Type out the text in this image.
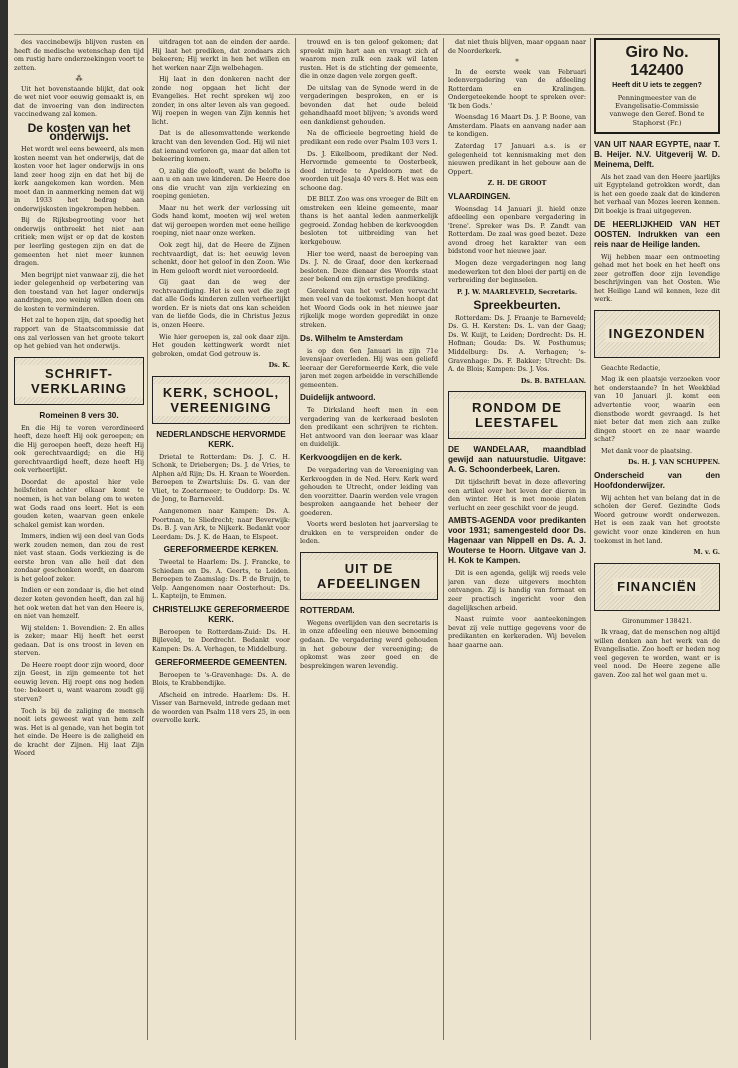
des vaccinebewijs blijven rusten en heeft de medische wetenschap den tijd om rustig hare onderzoekingen voort te zetten.

⁂

Uit het bovenstaande blijkt, dat ook de wet niet voor eeuwig gemaakt is, en dat de invoering van den indirecten vaccinedwang zal komen.

De kosten van het onderwijs.

Het wordt wel eens beweerd, als men kosten neemt van het onderwijs, dat de kosten voor het lager onderwijs in ons land zeer hoog zijn en dat het bij de kerk aangekomen kan worden. Men moet dan in aanmerking nemen dat wij in 1933 het bedrag aan onderwijskosten ingekrompen hebben.

Bij de Rijksbegrooting voor het onderwijs ontbreekt het niet aan critiek; men wijst er op dat de kosten per leerling gestegen zijn en dat de gemeenten het niet meer kunnen dragen.

Men begrijpt niet vanwaar zij, die het ieder gelegenheid op verbetering van den toestand van het lager onderwijs aandringen, zoo weinig willen doen om de kosten te verminderen.

Het zal te hopen zijn, dat spoedig het rapport van de Staatscommissie dat ons zal verlossen van het groote tekort op het gebied van het onderwijs.

SCHRIFT-VERKLARING
Romeinen 8 vers 30.

En die Hij te voren verordineerd heeft, deze heeft Hij ook geroepen; en die Hij geroepen heeft, deze heeft Hij ook gerechtvaardigd; en die Hij gerechtvaardigd heeft, deze heeft Hij ook verheerlijkt.

Doordat de apostel hier vele heilsfeiten achter elkaar komt te noemen, is het van belang om te weten wat Gods raad ons leert. Het is een gouden keten, waarvan geen enkele schakel gemist kan worden.

Immers, indien wij een deel van Gods werk zouden nemen, dan zou de rest niet vast staan. Gods verkiezing is de eerste bron van alle heil dat den zondaar geschonken wordt, en daarom is het geloof zeker.

Indien er een zondaar is, die het eind dezer keten gevonden heeft, dan zal hij het ook weten dat het van den Heere is, en niet van hemzelf.

Wij stelden: 1. Bovendien: 2. En alles is zeker; maar Hij heeft het eerst gedaan. Dat is ons troost in leven en sterven.

De Heere roept door zijn woord, door zijn Geest, in zijn gemeente tot het eeuwig leven. Hij roept ons nog heden toe: bekeert u, want waarom zoudt gij sterven?

Toch is bij de zaliging de mensch nooit iets geweest wat van hem zelf was. Het is al genade, van het begin tot het einde. De Heere is de zaligheid en de kracht der Zijnen. Hij laat Zijn Woord

uitdragen tot aan de einden der aarde. Hij laat het prediken, dat zondaars zich bekeeren; Hij werkt in hen het willen en het werken naar Zijn welbehagen.

Hij laat in den donkeren nacht der zonde nog opgaan het licht der Evangelies. Het recht spreken wij zoo zonder, in ons alter leven als van gegoed. Wij roepen in wegen van Zijn kennis het licht.

Dat is de allesomvattende werkende kracht van den levenden God. Hij wil niet dat iemand verloren ga, maar dat allen tot bekeering komen.

O, zalig die gelooft, want de belofte is aan u en aan uwe kinderen. De Heere doe ons die vrucht van zijn verkiezing en roeping genieten.

Maar nu het werk der verlossing uit Gods hand komt, moeten wij wel weten dat wij geroepen worden met eene heilige roeping, niet naar onze werken.

Ook zegt hij, dat de Heere de Zijnen rechtvaardigt, dat is: het eeuwig leven schenkt, door het geloof in den Zoon. Wie in Hem gelooft wordt niet veroordeeld.

Gij gaat dan de weg der rechtvaardiging. Het is een wet die zegt dat alle Gods kinderen zullen verheerlijkt worden. Er is niets dat ons kan scheiden van de liefde Gods, die in Christus Jezus is, onzen Heere.

Wie hier geroepen is, zal ook daar zijn. Het gouden kettingwerk wordt niet gebroken, omdat God getrouw is.

Ds. K.

KERK, SCHOOL, VEREENIGING
NEDERLANDSCHE HERVORMDE KERK.

Drietal te Rotterdam: Ds. J. C. H. Schonk, te Driebergen; Ds. J. de Vries, te Alphen a/d Rijn; Ds. H. Kraan te Woerden. Beroepen te Zwartsluis: Ds. G. van der Vliet, te Zoetermeer; te Ouddorp: Ds. W. de Jong, te Barneveld.

Aangenomen naar Kampen: Ds. A. Poortman, te Sliedrecht; naar Beverwijk: Ds. B. J. van Ark, te Nijkerk. Bedankt voor Leerdam: Ds. J. K. de Haan, te Elspeet.

GEREFORMEERDE KERKEN.

Tweetal te Haarlem: Ds. J. Francke, te Schiedam en Ds. A. Geerts, te Leiden. Beroepen te Zaamslag: Ds. P. de Bruijn, te Velp. Aangenomen naar Oosterhout: Ds. L. Kapteijn, te Emmen.

CHRISTELIJKE GEREFORMEERDE KERK.

Beroepen te Rotterdam-Zuid: Ds. H. Bijleveld, te Dordrecht. Bedankt voor Kampen: Ds. A. Verhagen, te Middelburg.

GEREFORMEERDE GEMEENTEN.

Beroepen te 's-Gravenhage: Ds. A. de Blois, te Krabbendijke.

Afscheid en intrede. Haarlem: Ds. H. Visser van Barneveld, intrede gedaan met de woorden van Psalm 118 vers 25, in een overvolle kerk.

trouwd en is ten geloof gekomen; dat spreekt mijn hart aan en vraagt zich af waarom men zulk een zaak wil laten rusten. Het is de stichting der gemeente, die in onze dagen vele zorgen geeft.

De uitslag van de Synode werd in de vergaderingen besproken, en er is bevonden dat het oude beleid gehandhaafd moet blijven; 's avonds werd een dankdienst gehouden.

Na de officieele begroeting hield de predikant een rede over Psalm 103 vers 1.

Ds. J. Eikelboom, predikant der Ned. Hervormde gemeente te Oosterbeek, deed intrede te Apeldoorn met de woorden uit Jesaja 40 vers 8. Het was een schoone dag.

DE BILT. Zoo was ons vroeger de Bilt en omstreken een kleine gemeente, maar thans is het aantal leden aanmerkelijk gegroeid. Zondag hebben de kerkvoogden besloten tot uitbreiding van het kerkgebouw.

Hier toe werd, naast de beroeping van Ds. J. N. de Graaf, door den kerkeraad besloten. Deze dienaar des Woords staat zeer bekend om zijn ernstige prediking.

Gerekend van het verleden verwacht men veel van de toekomst. Men hoopt dat het Woord Gods ook in het nieuwe jaar rijkelijk moge worden gepredikt in onze streken.

Ds. Wilhelm te Amsterdam

is op den 6en Januari in zijn 71e levensjaar overleden. Hij was een geliefd leeraar der Gereformeerde Kerk, die vele jaren met zegen arbeidde in verschillende gemeenten.

Duidelijk antwoord.

Te Dirksland heeft men in een vergadering van de kerkeraad besloten den predikant een schrijven te richten. Het antwoord van den leeraar was klaar en duidelijk.

Kerkvoogdijen en de kerk.

De vergadering van de Vereeniging van Kerkvoogden in de Ned. Herv. Kerk werd gehouden te Utrecht, onder leiding van den voorzitter. Daarin werden vele vragen besproken aangaande het beheer der goederen.

Voorts werd besloten het jaarverslag te drukken en te verspreiden onder de leden.

UIT DE AFDEELINGEN
ROTTERDAM.

Wegens overlijden van den secretaris is in onze afdeeling een nieuwe benoeming gedaan. De vergadering werd gehouden in het gebouw der vereeniging; de opkomst was zeer goed en de besprekingen waren levendig.

dat niet thuis blijven, maar opgaan naar de Noorderkerk.

*

In de eerste week van Februari ledenvergadering van de afdeeling Rotterdam en Kralingen. Ondergeteekende hoopt te spreken over: 'Ik ben Gods.'

Woensdag 16 Maart Ds. J. P. Boone, van Amsterdam. Plaats en aanvang nader aan te kondigen.

Zaterdag 17 Januari a.s. is er gelegenheid tot kennismaking met den nieuwen predikant in het gebouw aan de Oppert.

Z. H. DE GROOT

VLAARDINGEN.

Woensdag 14 Januari jl. hield onze afdeeling een openbare vergadering in 'Irene'. Spreker was Ds. P. Zandt van Rotterdam. De zaal was goed bezet. Deze avond droeg het karakter van een bidstond voor het nieuwe jaar.

Mogen deze vergaderingen nog lang medewerken tot den bloei der partij en de verbreiding der beginselen.

P. J. W. MAARLEVELD, Secretaris.

Spreekbeurten.

Rotterdam: Ds. J. Fraanje te Barneveld; Ds. G. H. Kersten: Ds. L. van der Gaag; Ds. W. Kuijt, te Leiden; Dordrecht: Ds. H. Hofman; Gouda: Ds. W. Posthumus; Middelburg: Ds. A. Verhagen; 's-Gravenhage: Ds. F. Bakker; Utrecht: Ds. A. de Blois; Kampen: Ds. J. Vos.

Ds. B. BATELAAN.

RONDOM DE LEESTAFEL
DE WANDELAAR, maandblad gewijd aan natuurstudie. Uitgave: A. G. Schoonderbeek, Laren.

Dit tijdschrift bevat in deze aflevering een artikel over het leven der dieren in den winter. Het is met mooie platen verlucht en zeer geschikt voor de jeugd.

AMBTS-AGENDA voor predikanten voor 1931; samengesteld door Ds. Hagenaar van Nippell en Ds. A. J. Wouterse te Hoorn. Uitgave van J. H. Kok te Kampen.

Dit is een agenda, gelijk wij reeds vele jaren van deze uitgevers mochten ontvangen. Zij is handig van formaat en zeer practisch ingericht voor den dagelijkschen arbeid.

Naast ruimte voor aanteekeningen bevat zij vele nuttige gegevens voor de predikanten en kerkeraden. Wij bevelen haar gaarne aan.

Giro No. 142400
Heeft dit U iets te zeggen?
Penningmeester van de Evangelisatie-Commissie vanwege den Geref. Bond te Staphorst (Fr.)
VAN UIT NAAR EGYPTE, naar T. B. Heijer. N.V. Uitgeverij W. D. Meinema, Delft.

Als het zaad van den Heere jaarlijks uit Egypteland getrokken wordt, dan is het een goede zaak dat de kinderen het verhaal van Mozes leeren kennen. Dit boekje is fraai uitgegeven.

DE HEERLIJKHEID VAN HET OOSTEN. Indrukken van een reis naar de Heilige landen.

Wij hebben maar een ontmoeting gehad met het boek en het heeft ons zeer getroffen door zijn levendige beschrijvingen van het Oosten. Wie het Heilige Land wil kennen, leze dit werk.

INGEZONDEN

Geachte Redactie,

Mag ik een plaatsje verzoeken voor het onderstaande? In het Weekblad van 10 Januari jl. komt een advertentie voor, waarin een dienstbode wordt gevraagd. Is het niet beter dat men zich aan zulke dingen stoort en ze naar waarde schat?

Met dank voor de plaatsing.

Ds. H. J. VAN SCHUPPEN.

Onderscheid van den Hoofdonderwijzer.

Wij achten het van belang dat in de scholen der Geref. Gezindte Gods Woord getrouw wordt onderwezen. Het is een zaak van het grootste gewicht voor onze kinderen en hun toekomst in het land.

M. v. G.

FINANCIËN

Gironummer 138421.

Ik vraag, dat de menschen nog altijd willen denken aan het werk van de Evangelisatie. Zoo hoeft er heden nog veel gegeven te worden, want er is veel nood. De Heere zegene alle gaven. Zoo zal het wel gaan met u.
